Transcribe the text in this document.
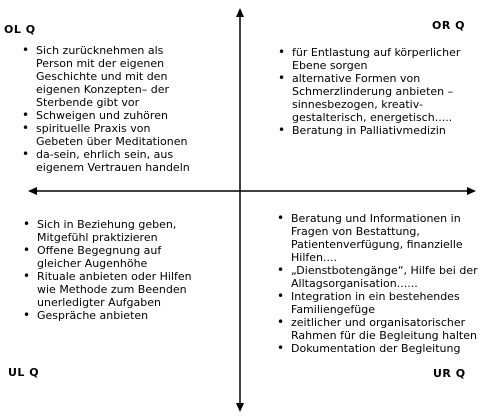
OL Q	OR Q
UL Q	UR Q
• Sich zurücknehmen als Person mit der eigenen Geschichte und mit den eigenen Konzepten– der Sterbende gibt vor
• Schweigen und zuhören
• spirituelle Praxis von Gebeten über Meditationen
• da-sein, ehrlich sein, aus eigenem Vertrauen handeln
• für Entlastung auf körperlicher Ebene sorgen
• alternative Formen von Schmerzlinderung anbieten – sinnesbezogen, kreativ-gestalterisch, energetisch.....
• Beratung in Palliativmedizin
• Sich in Beziehung geben, Mitgefühl praktizieren
• Offene Begegnung auf gleicher Augenhöhe
• Rituale anbieten oder Hilfen wie Methode zum Beenden unerledigter Aufgaben
• Gespräche anbieten
• Beratung und Informationen in Fragen von Bestattung, Patientenverfügung, finanzielle Hilfen....
• „Dienstbotengänge“, Hilfe bei der Alltagsorganisation......
• Integration in ein bestehendes Familiengefüge
• zeitlicher und organisatorischer Rahmen für die Begleitung halten
• Dokumentation der Begleitung
